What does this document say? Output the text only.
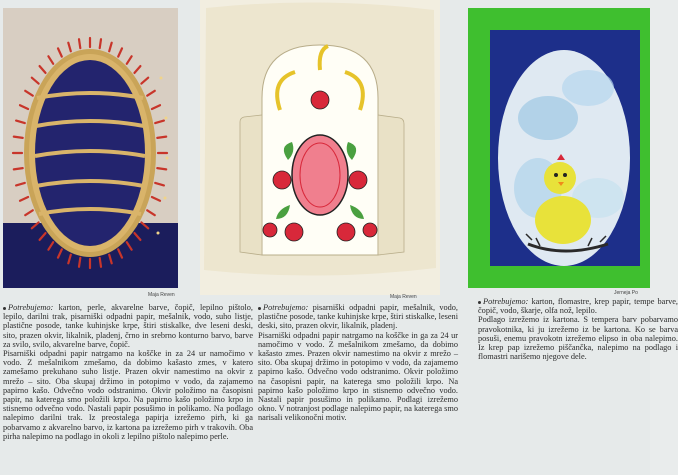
Maja Reven

Potrebujemo: karton, perle, akvarelne barve, čopič, lepilno pištolo, lepilo, darilni trak, pisarniški odpadni papir, mešalnik, vodo, suho listje, plastične posode, tanke kuhinjske krpe, štiri stiskalke, dve leseni deski, sito, prazen okvir, likalnik, pladenj, črno in srebrno konturno barvo, barve za svilo, svilo, akvarelne barve, čopič.

Pisarniški odpadni papir natrgamo na koščke in za 24 ur namočimo v vodo. Z mešalnikom zmešamo, da dobimo kašasto zmes, v katero zamešamo prekuhano suho listje. Prazen okvir namestimo na okvir z mrežo – sito. Oba skupaj držimo in potopimo v vodo, da zajamemo papirno kašo. Odvečno vodo odstranimo. Okvir položimo na časopisni papir, na katerega smo položili krpo. Na papirno kašo položimo krpo in stisnemo odvečno vodo. Nastali papir posušimo in polikamo. Na podlago nalepimo darilni trak. Iz preostalega papirja izrežemo pirh, ki ga pobarvamo z akvarelno barvo, iz kartona pa izrežemo pirh v trakovih. Oba pirha nalepimo na podlago in okoli z lepilno pištolo nalepimo perle.

Maja Reven

Potrebujemo: pisarniški odpadni papir, mešalnik, vodo, plastične posode, tanke kuhinjske krpe, štiri stiskalke, leseni deski, sito, prazen okvir, likalnik, pladenj.

Pisarniški odpadni papir natrgamo na koščke in ga za 24 ur namočimo v vodo. Z mešalnikom zmešamo, da dobimo kašasto zmes. Prazen okvir namestimo na okvir z mrežo – sito. Oba skupaj držimo in potopimo v vodo, da zajamemo papirno kašo. Odvečno vodo odstranimo. Okvir položimo na časopisni papir, na katerega smo položili krpo. Na papirno kašo položimo krpo in stisnemo odvečno vodo. Nastali papir posušimo in polikamo. Podlagi izrežemo okno. V notranjost podlage nalepimo papir, na katerega smo narisali velikonočni motiv.

Jerneja Po

Potrebujemo: karton, flomastre, krep papir, tempe barve, čopič, vodo, škarje, olfa nož, lepilo.

Podlago izrežemo iz kartona. S tempera barv pobarvamo pravokotnika, ki ju izrežemo iz be kartona. Ko se barva posuši, enemu pravokotn izrežemo elipso in oba nalepimo. Iz krep pap izrežemo piščančka, nalepimo na podlago i flomastri narišemo njegove dele.
